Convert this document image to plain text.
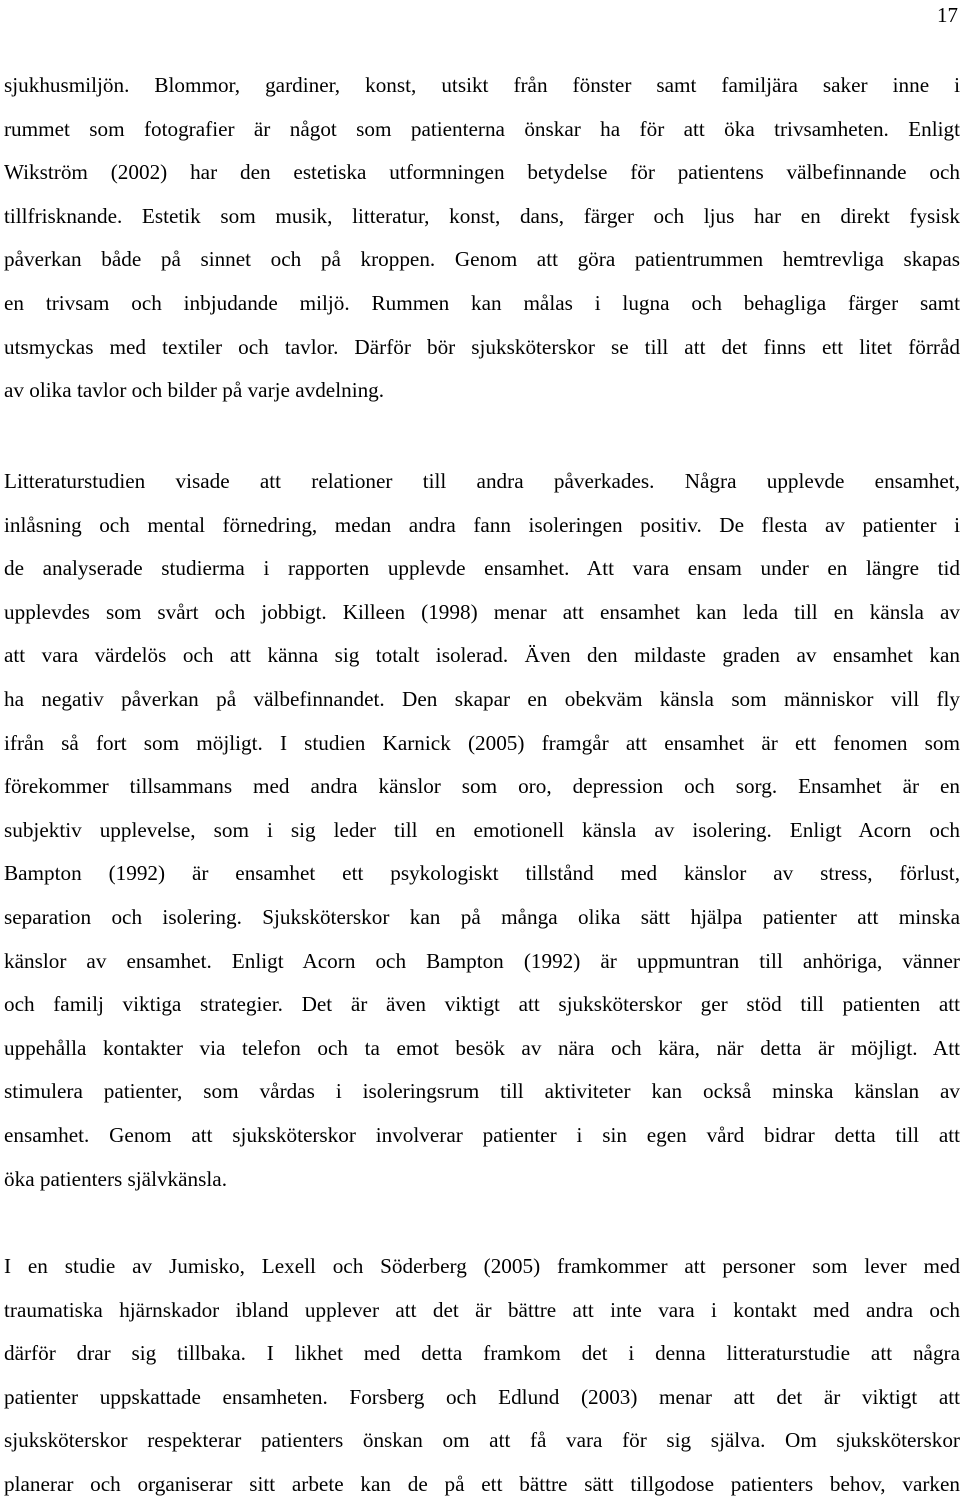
17

sjukhusmiljön. Blommor, gardiner, konst, utsikt från fönster samt familjära saker inne i
rummet som fotografier är något som patienterna önskar ha för att öka trivsamheten. Enligt
Wikström (2002) har den estetiska utformningen betydelse för patientens välbefinnande och
tillfrisknande. Estetik som musik, litteratur, konst, dans, färger och ljus har en direkt fysisk
påverkan både på sinnet och på kroppen. Genom att göra patientrummen hemtrevliga skapas
en trivsam och inbjudande miljö. Rummen kan målas i lugna och behagliga färger samt
utsmyckas med textiler och tavlor. Därför bör sjuksköterskor se till att det finns ett litet förråd
av olika tavlor och bilder på varje avdelning.

Litteraturstudien visade att relationer till andra påverkades. Några upplevde ensamhet,
inlåsning och mental förnedring, medan andra fann isoleringen positiv. De flesta av patienter i
de analyserade studierma i rapporten upplevde ensamhet. Att vara ensam under en längre tid
upplevdes som svårt och jobbigt. Killeen (1998) menar att ensamhet kan leda till en känsla av
att vara värdelös och att känna sig totalt isolerad. Även den mildaste graden av ensamhet kan
ha negativ påverkan på välbefinnandet. Den skapar en obekväm känsla som människor vill fly
ifrån så fort som möjligt. I studien Karnick (2005) framgår att ensamhet är ett fenomen som
förekommer tillsammans med andra känslor som oro, depression och sorg. Ensamhet är en
subjektiv upplevelse, som i sig leder till en emotionell känsla av isolering. Enligt Acorn och
Bampton (1992) är ensamhet ett psykologiskt tillstånd med känslor av stress, förlust,
separation och isolering. Sjuksköterskor kan på många olika sätt hjälpa patienter att minska
känslor av ensamhet. Enligt Acorn och Bampton (1992) är uppmuntran till anhöriga, vänner
och familj viktiga strategier. Det är även viktigt att sjuksköterskor ger stöd till patienten att
uppehålla kontakter via telefon och ta emot besök av nära och kära, när detta är möjligt. Att
stimulera patienter, som vårdas i isoleringsrum till aktiviteter kan också minska känslan av
ensamhet. Genom att sjuksköterskor involverar patienter i sin egen vård bidrar detta till att
öka patienters självkänsla.

I en studie av Jumisko, Lexell och Söderberg (2005) framkommer att personer som lever med
traumatiska hjärnskador ibland upplever att det är bättre att inte vara i kontakt med andra och
därför drar sig tillbaka. I likhet med detta framkom det i denna litteraturstudie att några
patienter uppskattade ensamheten. Forsberg och Edlund (2003) menar att det är viktigt att
sjuksköterskor respekterar patienters önskan om att få vara för sig själva. Om sjuksköterskor
planerar och organiserar sitt arbete kan de på ett bättre sätt tillgodose patienters behov, varken
